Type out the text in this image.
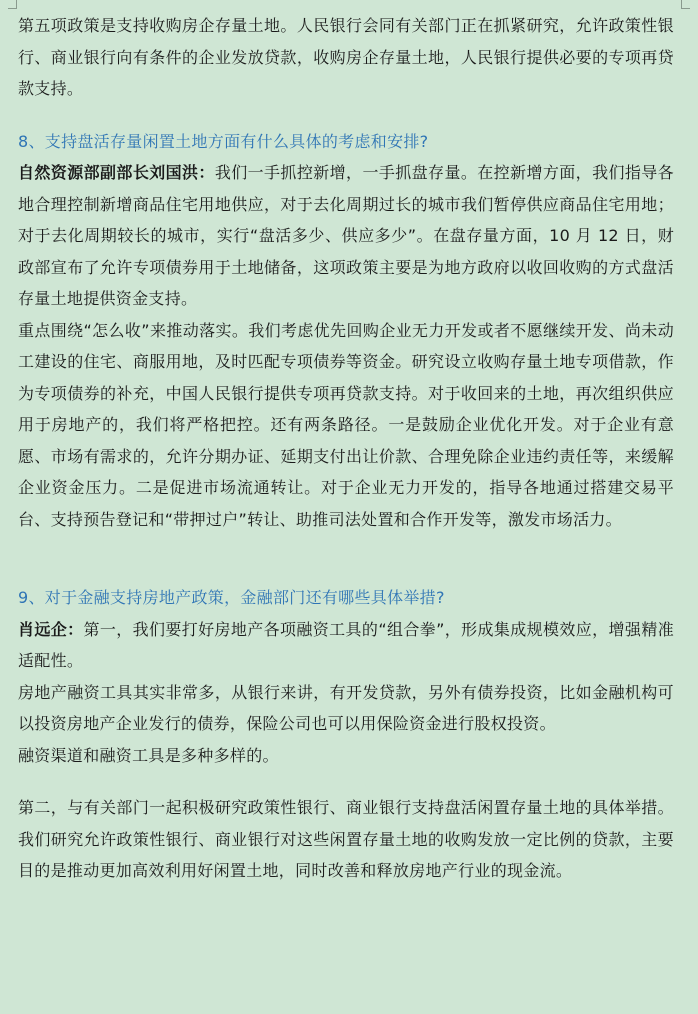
第五项政策是支持收购房企存量土地。人民银行会同有关部门正在抓紧研究，允许政策性银行、商业银行向有条件的企业发放贷款，收购房企存量土地，人民银行提供必要的专项再贷款支持。

8、支持盘活存量闲置土地方面有什么具体的考虑和安排?

自然资源部副部长刘国洪：我们一手抓控新增，一手抓盘存量。在控新增方面，我们指导各地合理控制新增商品住宅用地供应，对于去化周期过长的城市我们暂停供应商品住宅用地；对于去化周期较长的城市，实行“盘活多少、供应多少”。在盘存量方面，10 月 12 日，财政部宣布了允许专项债券用于土地储备，这项政策主要是为地方政府以收回收购的方式盘活存量土地提供资金支持。

重点围绕“怎么收”来推动落实。我们考虑优先回购企业无力开发或者不愿继续开发、尚未动工建设的住宅、商服用地，及时匹配专项债券等资金。研究设立收购存量土地专项借款，作为专项债券的补充，中国人民银行提供专项再贷款支持。对于收回来的土地，再次组织供应用于房地产的，我们将严格把控。还有两条路径。一是鼓励企业优化开发。对于企业有意愿、市场有需求的，允许分期办证、延期支付出让价款、合理免除企业违约责任等，来缓解企业资金压力。二是促进市场流通转让。对于企业无力开发的，指导各地通过搭建交易平台、支持预告登记和“带押过户”转让、助推司法处置和合作开发等，激发市场活力。

9、对于金融支持房地产政策，金融部门还有哪些具体举措?

肖远企：第一，我们要打好房地产各项融资工具的“组合拳”，形成集成规模效应，增强精准适配性。

房地产融资工具其实非常多，从银行来讲，有开发贷款，另外有债券投资，比如金融机构可以投资房地产企业发行的债券，保险公司也可以用保险资金进行股权投资。

融资渠道和融资工具是多种多样的。

第二，与有关部门一起积极研究政策性银行、商业银行支持盘活闲置存量土地的具体举措。我们研究允许政策性银行、商业银行对这些闲置存量土地的收购发放一定比例的贷款，主要目的是推动更加高效利用好闲置土地，同时改善和释放房地产行业的现金流。
